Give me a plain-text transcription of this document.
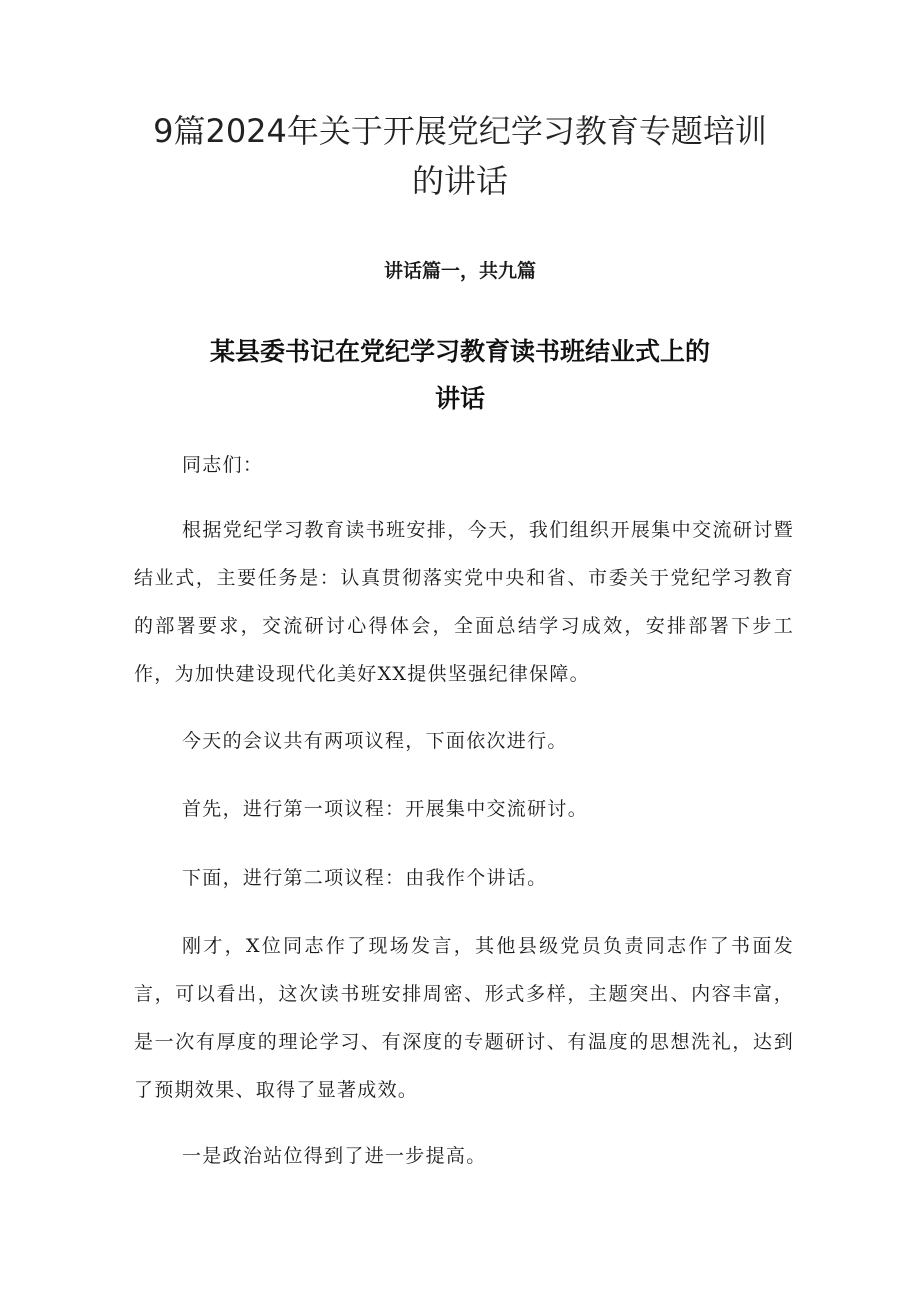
9篇2024年关于开展党纪学习教育专题培训的讲话

讲话篇一，共九篇

某县委书记在党纪学习教育读书班结业式上的讲话

同志们：

根据党纪学习教育读书班安排，今天，我们组织开展集中交流研讨暨结业式，主要任务是：认真贯彻落实党中央和省、市委关于党纪学习教育的部署要求，交流研讨心得体会，全面总结学习成效，安排部署下步工作，为加快建设现代化美好XX提供坚强纪律保障。

今天的会议共有两项议程，下面依次进行。

首先，进行第一项议程：开展集中交流研讨。

下面，进行第二项议程：由我作个讲话。

刚才，X位同志作了现场发言，其他县级党员负责同志作了书面发言，可以看出，这次读书班安排周密、形式多样，主题突出、内容丰富，是一次有厚度的理论学习、有深度的专题研讨、有温度的思想洗礼，达到了预期效果、取得了显著成效。

一是政治站位得到了进一步提高。
